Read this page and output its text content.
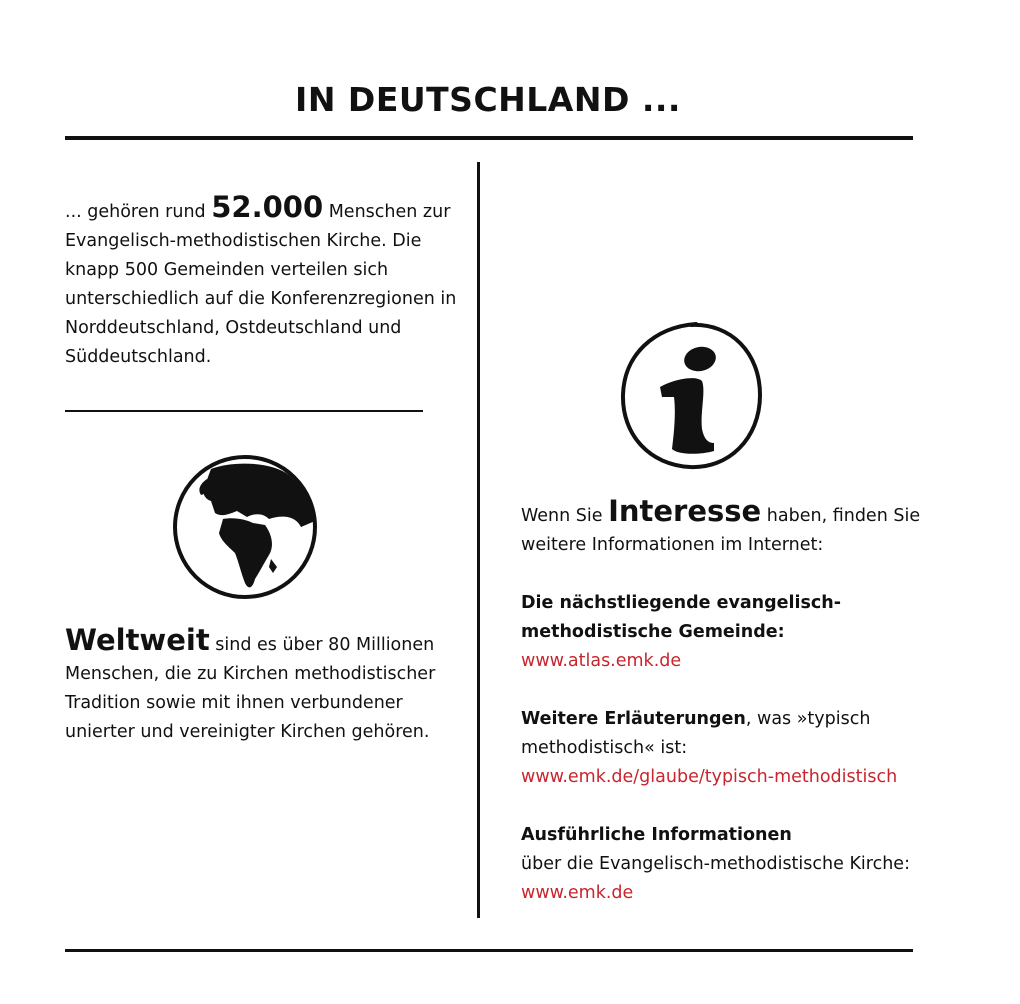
IN DEUTSCHLAND ...
... gehören rund 52.000 Menschen zur Evangelisch-methodistischen Kirche. Die knapp 500 Gemeinden verteilen sich unterschiedlich auf die Konferenzregionen in Norddeutschland, Ostdeutschland und Süddeutschland.
Weltweit sind es über 80 Millionen Menschen, die zu Kirchen methodistischer Tradition sowie mit ihnen verbundener unierter und vereinigter Kirchen gehören.
Wenn Sie Interesse haben, finden Sie weitere Informationen im Internet:
Die nächstliegende evangelisch-methodistische Gemeinde:
www.atlas.emk.de
Weitere Erläuterungen, was »typisch methodistisch« ist:
www.emk.de/glaube/typisch-methodistisch
Ausführliche Informationen
über die Evangelisch-methodistische Kirche:
www.emk.de
